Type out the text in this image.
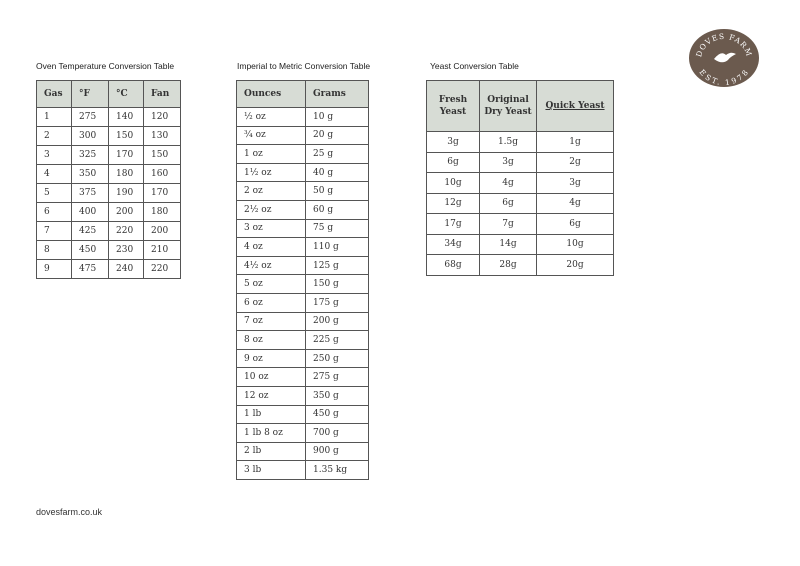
Oven Temperature Conversion Table
Gas	°F	°C	Fan
1	275	140	120
2	300	150	130
3	325	170	150
4	350	180	160
5	375	190	170
6	400	200	180
7	425	220	200
8	450	230	210
9	475	240	220
Imperial to Metric Conversion Table
Ounces	Grams
½ oz	10 g
¾ oz	20 g
1 oz	25 g
1½ oz	40 g
2 oz	50 g
2½ oz	60 g
3 oz	75 g
4 oz	110 g
4½ oz	125 g
5 oz	150 g
6 oz	175 g
7 oz	200 g
8 oz	225 g
9 oz	250 g
10 oz	275 g
12 oz	350 g
1 lb	450 g
1 lb 8 oz	700 g
2 lb	900 g
3 lb	1.35 kg
Yeast Conversion Table
Fresh Yeast	Original Dry Yeast	Quick Yeast
3g	1.5g	1g
6g	3g	2g
10g	4g	3g
12g	6g	4g
17g	7g	6g
34g	14g	10g
68g	28g	20g
DOVES FARM
EST. 1978
dovesfarm.co.uk
